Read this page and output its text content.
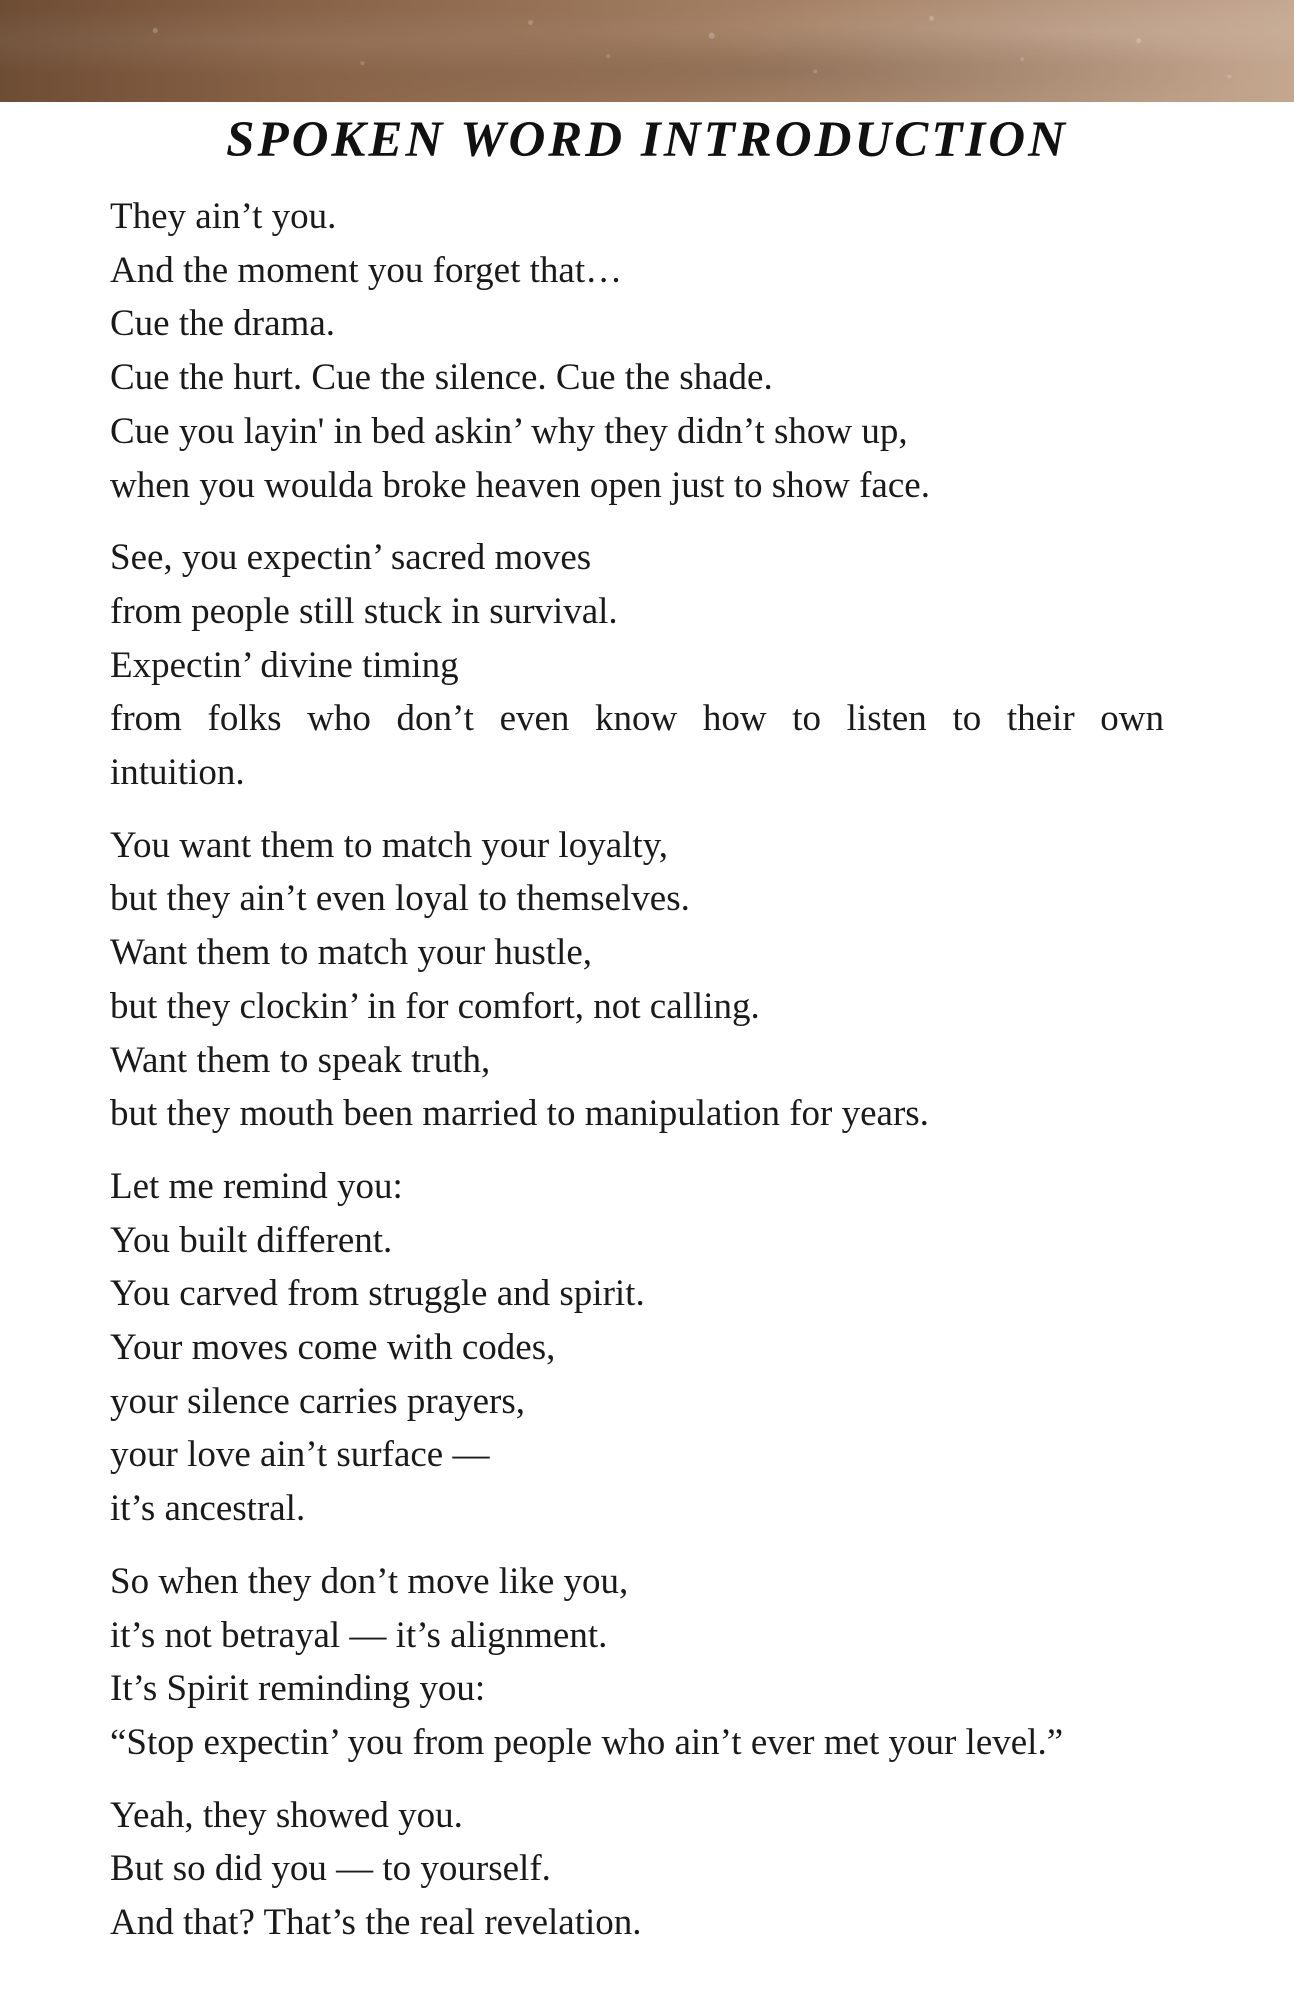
SPOKEN WORD INTRODUCTION
They ain’t you.
And the moment you forget that…
Cue the drama.
Cue the hurt. Cue the silence. Cue the shade.
Cue you layin' in bed askin’ why they didn’t show up,
when you woulda broke heaven open just to show face.
See, you expectin’ sacred moves
from people still stuck in survival.
Expectin’ divine timing
from folks who don’t even know how to listen to their own
intuition.
You want them to match your loyalty,
but they ain’t even loyal to themselves.
Want them to match your hustle,
but they clockin’ in for comfort, not calling.
Want them to speak truth,
but they mouth been married to manipulation for years.
Let me remind you:
You built different.
You carved from struggle and spirit.
Your moves come with codes,
your silence carries prayers,
your love ain’t surface —
it’s ancestral.
So when they don’t move like you,
it’s not betrayal — it’s alignment.
It’s Spirit reminding you:
“Stop expectin’ you from people who ain’t ever met your level.”
Yeah, they showed you.
But so did you — to yourself.
And that? That’s the real revelation.
